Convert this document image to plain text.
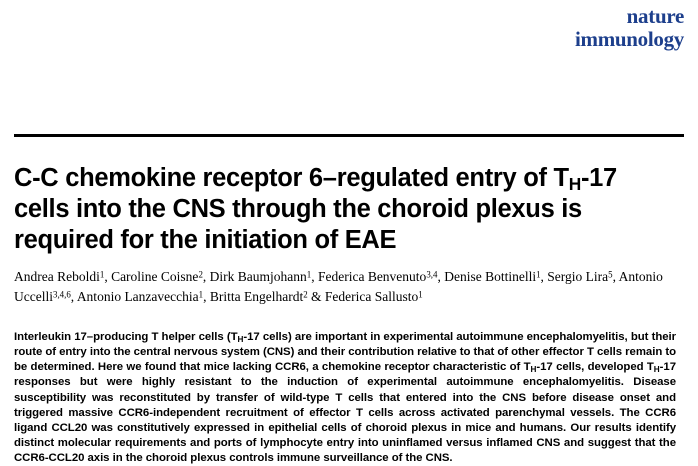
nature
immunology
C-C chemokine receptor 6–regulated entry of $T_H-17$ cells into the CNS through the choroid plexus is required for the initiation of EAE
Andrea Reboldi$^1$, Caroline Coisne$^2$, Dirk Baumjohann$^1$, Federica Benvenuto$^{3,4}$, Denise Bottinelli$^1$, Sergio Lira$^5$, Antonio Uccelli$^{3,4,6}$, Antonio Lanzavecchia$^1$, Britta Engelhardt$^2$ & Federica Sallusto$^1$
Interleukin 17–producing T helper cells ($T_H-17$ cells) are important in experimental autoimmune encephalomyelitis, but their route of entry into the central nervous system (CNS) and their contribution relative to that of other effector T cells remain to be determined. Here we found that mice lacking CCR6, a chemokine receptor characteristic of $T_H-17$ cells, developed $T_H-17$ responses but were highly resistant to the induction of experimental autoimmune encephalomyelitis. Disease susceptibility was reconstituted by transfer of wild-type T cells that entered into the CNS before disease onset and triggered massive CCR6-independent recruitment of effector T cells across activated parenchymal vessels. The CCR6 ligand CCL20 was constitutively expressed in epithelial cells of choroid plexus in mice and humans. Our results identify distinct molecular requirements and ports of lymphocyte entry into uninflamed versus inflamed CNS and suggest that the CCR6-CCL20 axis in the choroid plexus controls immune surveillance of the CNS.
